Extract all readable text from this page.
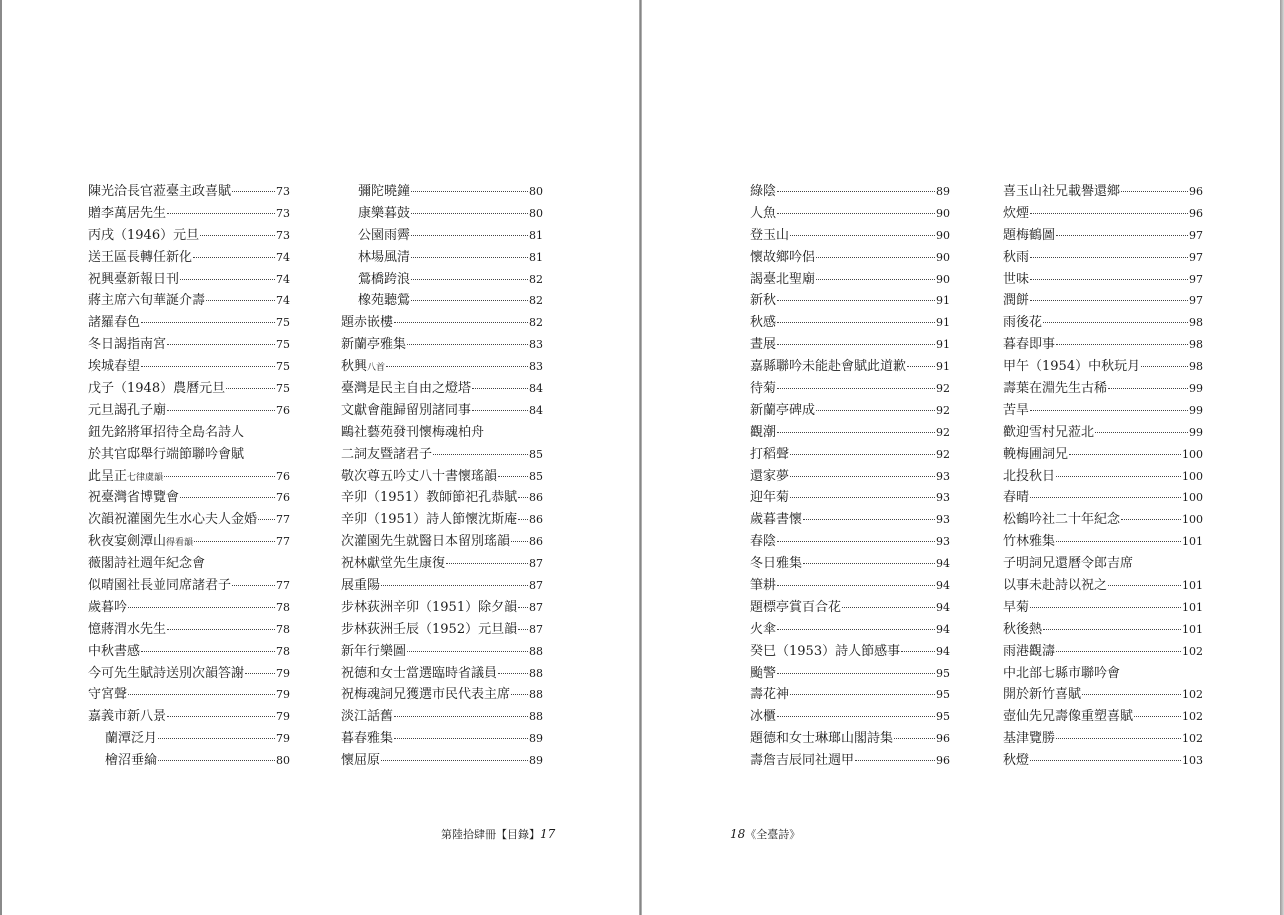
陳光洽長官蒞臺主政喜賦	73
贈李萬居先生	73
丙戌（1946）元旦	73
送王區長轉任新化	74
祝興臺新報日刊	74
蔣主席六旬華誕介壽	74
諸羅春色	75
冬日謁指南宮	75
埃城春望	75
戊子（1948）農曆元旦	75
元旦謁孔子廟	76
鈕先銘將軍招待全島名詩人
於其官邸舉行端節聯吟會賦
此呈正七律虞韻	76
祝臺灣省博覽會	76
次韻祝灌園先生水心夫人金婚 77
秋夜宴劍潭山得看韻	77
薇閣詩社週年紀念會
似晴園社長並同席諸君子	77
歲暮吟	78
憶蔣渭水先生	78
中秋書感	78
今可先生賦詩送別次韻答謝	79
守宮聲	79
嘉義市新八景	79
蘭潭泛月	79
檜沼垂綸	80
彌陀曉鐘	80
康樂暮鼓	80
公園雨霽	81
林場風清	81
鶯橋跨浪	82
橡苑聽鶯	82
題赤嵌樓	82
新蘭亭雅集	83
秋興八首	83
臺灣是民主自由之燈塔	84
文獻會龍歸留別諸同事	84
鷗社藝苑發刊懷梅魂柏舟
二詞友暨諸君子	85
敬次尊五吟丈八十書懷瑤韻	85
辛卯（1951）教師節祀孔恭賦 86
辛卯（1951）詩人節懷沈斯庵 86
次灌園先生就醫日本留別瑤韻 86
祝林獻堂先生康復	87
展重陽	87
步林荻洲辛卯（1951）除夕韻 87
步林荻洲壬辰（1952）元旦韻 87
新年行樂圖	88
祝德和女士當選臨時省議員	88
祝梅魂詞兄獲選市民代表主席 88
淡江話舊	88
暮春雅集	89
懷屈原	89
綠陰	89
人魚	90
登玉山	90
懷故鄉吟侶	90
謁臺北聖廟	90
新秋	91
秋感	91
晝展	91
嘉縣聯吟未能赴會賦此道歉	91
待菊	92
新蘭亭碑成	92
觀潮	92
打稻聲	92
還家夢	93
迎年菊	93
歲暮書懷	93
春陰	93
冬日雅集	94
筆耕	94
題標亭賞百合花	94
火傘	94
癸巳（1953）詩人節感事	94
颱警	95
壽花神	95
冰櫃	95
題德和女士琳瑯山閣詩集	96
壽詹吉辰同社週甲	96
喜玉山社兄載譽還鄉	96
炊煙	96
題梅鶴圖	97
秋雨	97
世味	97
潤餅	97
雨後花	98
暮春即事	98
甲午（1954）中秋玩月	98
壽葉在淵先生古稀	99
苦旱	99
歡迎雪村兄蒞北	99
輓梅圃詞兄	100
北投秋日	100
春晴	100
松鶴吟社二十年紀念	100
竹林雅集	101
子明詞兄還曆令郎吉席
以事未赴詩以祝之	101
早菊	101
秋後熱	101
雨港觀濤	102
中北部七縣市聯吟會
開於新竹喜賦	102
壺仙先兄壽像重塑喜賦	102
基津覽勝	102
秋燈	103
第陸拾肆冊【目錄】17	18《全臺詩》
